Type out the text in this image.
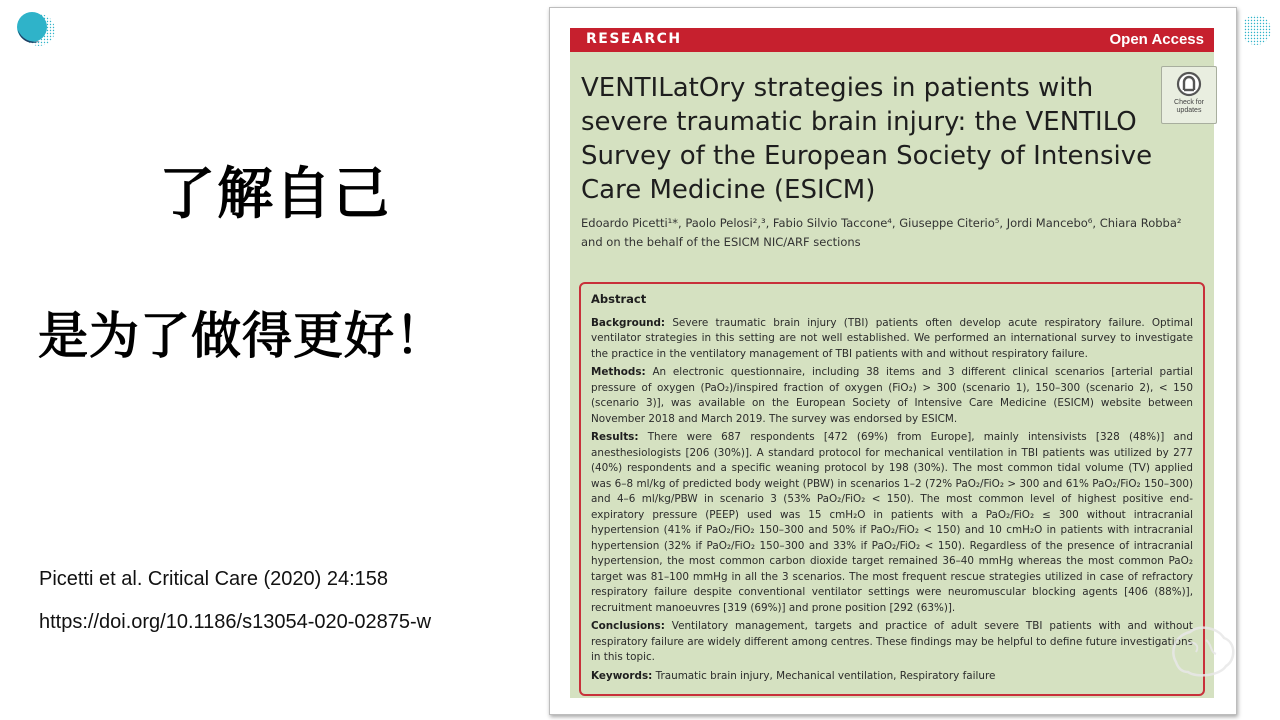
了解自己
是为了做得更好！
Picetti et al. Critical Care (2020) 24:158
https://doi.org/10.1186/s13054-020-02875-w
RESEARCH	Open Access
VENTILatOry strategies in patients with severe traumatic brain injury: the VENTILO Survey of the European Society of Intensive Care Medicine (ESICM)
Check for updates
Edoardo Picetti¹*, Paolo Pelosi²,³, Fabio Silvio Taccone⁴, Giuseppe Citerio⁵, Jordi Mancebo⁶, Chiara Robba² and on the behalf of the ESICM NIC/ARF sections
Abstract

Background: Severe traumatic brain injury (TBI) patients often develop acute respiratory failure. Optimal ventilator strategies in this setting are not well established. We performed an international survey to investigate the practice in the ventilatory management of TBI patients with and without respiratory failure.

Methods: An electronic questionnaire, including 38 items and 3 different clinical scenarios [arterial partial pressure of oxygen (PaO₂)/inspired fraction of oxygen (FiO₂) > 300 (scenario 1), 150–300 (scenario 2), < 150 (scenario 3)], was available on the European Society of Intensive Care Medicine (ESICM) website between November 2018 and March 2019. The survey was endorsed by ESICM.

Results: There were 687 respondents [472 (69%) from Europe], mainly intensivists [328 (48%)] and anesthesiologists [206 (30%)]. A standard protocol for mechanical ventilation in TBI patients was utilized by 277 (40%) respondents and a specific weaning protocol by 198 (30%). The most common tidal volume (TV) applied was 6–8 ml/kg of predicted body weight (PBW) in scenarios 1–2 (72% PaO₂/FiO₂ > 300 and 61% PaO₂/FiO₂ 150–300) and 4–6 ml/kg/PBW in scenario 3 (53% PaO₂/FiO₂ < 150). The most common level of highest positive end-expiratory pressure (PEEP) used was 15 cmH₂O in patients with a PaO₂/FiO₂ ≤ 300 without intracranial hypertension (41% if PaO₂/FiO₂ 150–300 and 50% if PaO₂/FiO₂ < 150) and 10 cmH₂O in patients with intracranial hypertension (32% if PaO₂/FiO₂ 150–300 and 33% if PaO₂/FiO₂ < 150). Regardless of the presence of intracranial hypertension, the most common carbon dioxide target remained 36–40 mmHg whereas the most common PaO₂ target was 81–100 mmHg in all the 3 scenarios. The most frequent rescue strategies utilized in case of refractory respiratory failure despite conventional ventilator settings were neuromuscular blocking agents [406 (88%)], recruitment manoeuvres [319 (69%)] and prone position [292 (63%)].

Conclusions: Ventilatory management, targets and practice of adult severe TBI patients with and without respiratory failure are widely different among centres. These findings may be helpful to define future investigations in this topic.

Keywords: Traumatic brain injury, Mechanical ventilation, Respiratory failure
